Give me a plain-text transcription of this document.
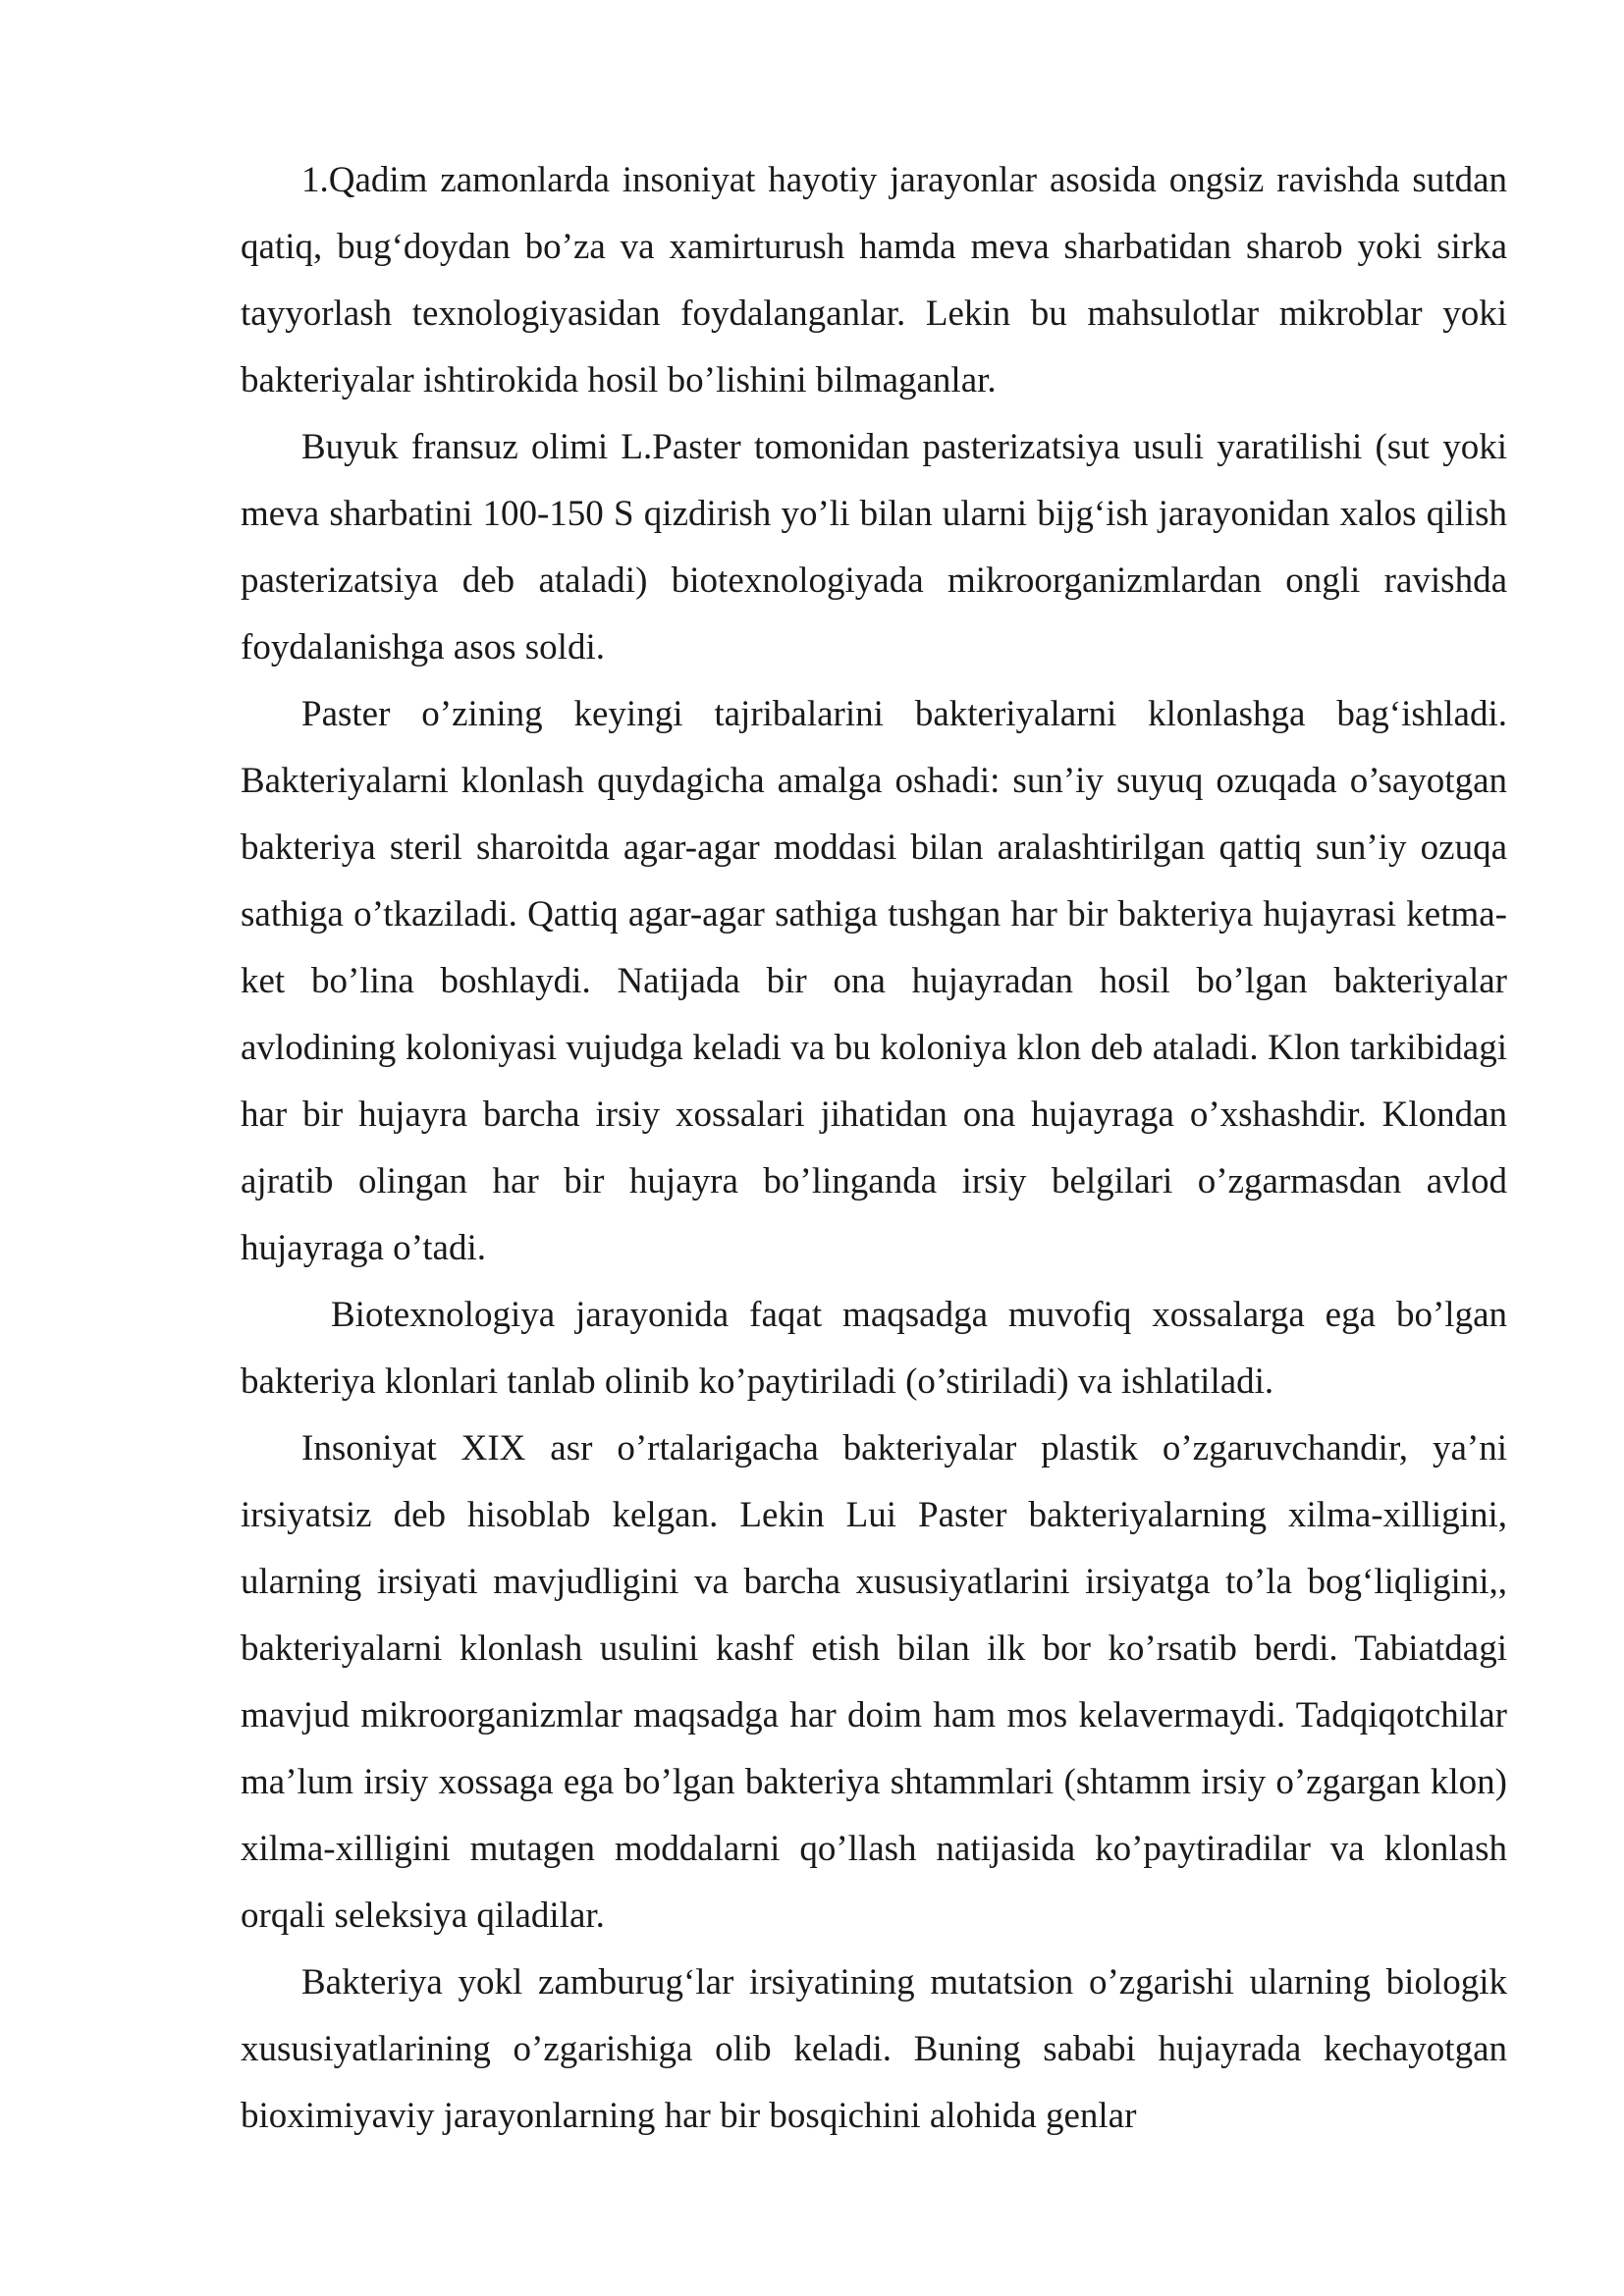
1.Qadim zamonlarda insoniyat hayotiy jarayonlar asosida ongsiz ravishda sutdan qatiq, bug‘doydan bo’za va xamirturush hamda meva sharbatidan sharob yoki sirka tayyorlash texnologiyasidan foydalanganlar. Lekin bu mahsulotlar mikroblar yoki bakteriyalar ishtirokida hosil bo’lishini bilmaganlar.

Buyuk fransuz olimi L.Paster tomonidan pasterizatsiya usuli yaratilishi (sut yoki meva sharbatini 100-150 S qizdirish yo’li bilan ularni bijg‘ish jarayonidan xalos qilish pasterizatsiya deb ataladi) biotexnologiyada mikroorganizmlardan ongli ravishda foydalanishga asos soldi.

Paster o’zining keyingi tajribalarini bakteriyalarni klonlashga bag‘ishladi. Bakteriyalarni klonlash quydagicha amalga oshadi: sun’iy suyuq ozuqada o’sayotgan bakteriya steril sharoitda agar-agar moddasi bilan aralashtirilgan qattiq sun’iy ozuqa sathiga o’tkaziladi. Qattiq agar-agar sathiga tushgan har bir bakteriya hujayrasi ketma-ket bo’lina boshlaydi. Natijada bir ona hujayradan hosil bo’lgan bakteriyalar avlodining koloniyasi vujudga keladi va bu koloniya klon deb ataladi. Klon tarkibidagi har bir hujayra barcha irsiy xossalari jihatidan ona hujayraga o’xshashdir. Klondan ajratib olingan har bir hujayra bo’linganda irsiy belgilari o’zgarmasdan avlod hujayraga o’tadi.

Biotexnologiya jarayonida faqat maqsadga muvofiq xossalarga ega bo’lgan bakteriya klonlari tanlab olinib ko’paytiriladi (o’stiriladi) va ishlatiladi.

Insoniyat XIX asr o’rtalarigacha bakteriyalar plastik o’zgaruvchandir, ya’ni irsiyatsiz deb hisoblab kelgan. Lekin Lui Paster bakteriyalarning xilma-xilligini, ularning irsiyati mavjudligini va barcha xususiyatlarini irsiyatga to’la bog‘liqligini,, bakteriyalarni klonlash usulini kashf etish bilan ilk bor ko’rsatib berdi. Tabiatdagi mavjud mikroorganizmlar maqsadga har doim ham mos kelavermaydi. Tadqiqotchilar ma’lum irsiy xossaga ega bo’lgan bakteriya shtammlari (shtamm irsiy o’zgargan klon) xilma-xilligini mutagen moddalarni qo’llash natijasida ko’paytiradilar va klonlash orqali seleksiya qiladilar.

Bakteriya yokl zamburug‘lar irsiyatining mutatsion o’zgarishi ularning biologik xususiyatlarining o’zgarishiga olib keladi. Buning sababi hujayrada kechayotgan bioximiyaviy jarayonlarning har bir bosqichini alohida genlar
